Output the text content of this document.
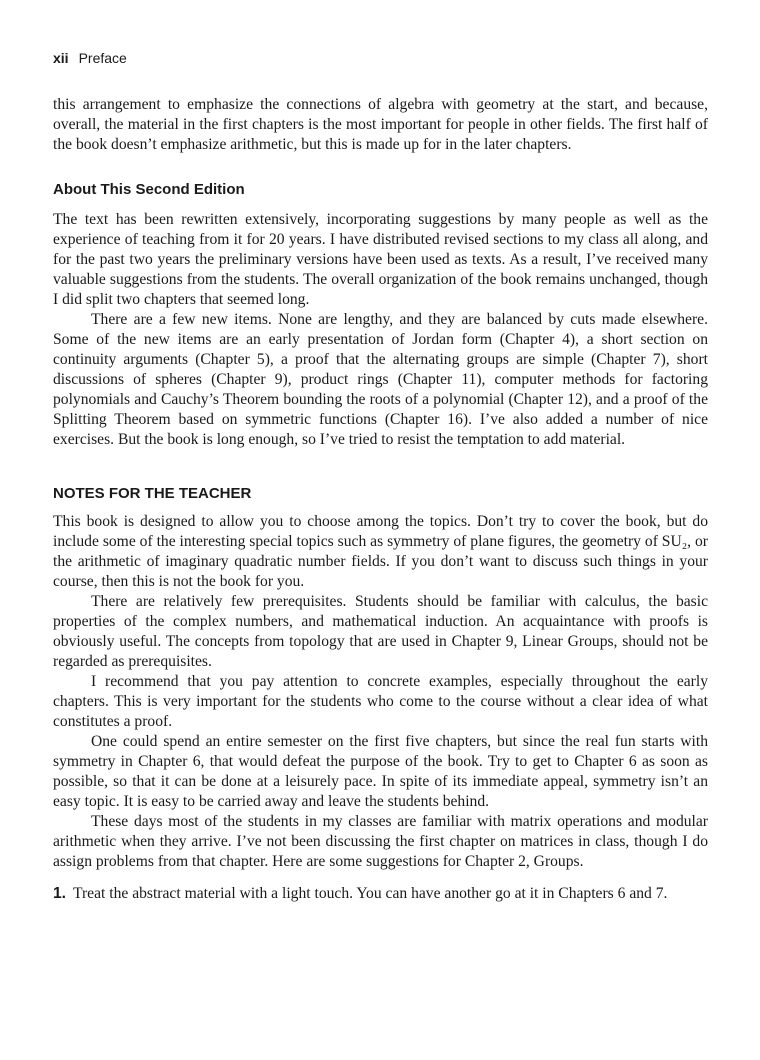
xii Preface

this arrangement to emphasize the connections of algebra with geometry at the start, and because, overall, the material in the first chapters is the most important for people in other fields. The first half of the book doesn’t emphasize arithmetic, but this is made up for in the later chapters.

About This Second Edition

The text has been rewritten extensively, incorporating suggestions by many people as well as the experience of teaching from it for 20 years. I have distributed revised sections to my class all along, and for the past two years the preliminary versions have been used as texts. As a result, I’ve received many valuable suggestions from the students. The overall organization of the book remains unchanged, though I did split two chapters that seemed long.

There are a few new items. None are lengthy, and they are balanced by cuts made elsewhere. Some of the new items are an early presentation of Jordan form (Chapter 4), a short section on continuity arguments (Chapter 5), a proof that the alternating groups are simple (Chapter 7), short discussions of spheres (Chapter 9), product rings (Chapter 11), computer methods for factoring polynomials and Cauchy’s Theorem bounding the roots of a polynomial (Chapter 12), and a proof of the Splitting Theorem based on symmetric functions (Chapter 16). I’ve also added a number of nice exercises. But the book is long enough, so I’ve tried to resist the temptation to add material.

NOTES FOR THE TEACHER

This book is designed to allow you to choose among the topics. Don’t try to cover the book, but do include some of the interesting special topics such as symmetry of plane figures, the geometry of SU₂, or the arithmetic of imaginary quadratic number fields. If you don’t want to discuss such things in your course, then this is not the book for you.

There are relatively few prerequisites. Students should be familiar with calculus, the basic properties of the complex numbers, and mathematical induction. An acquaintance with proofs is obviously useful. The concepts from topology that are used in Chapter 9, Linear Groups, should not be regarded as prerequisites.

I recommend that you pay attention to concrete examples, especially throughout the early chapters. This is very important for the students who come to the course without a clear idea of what constitutes a proof.

One could spend an entire semester on the first five chapters, but since the real fun starts with symmetry in Chapter 6, that would defeat the purpose of the book. Try to get to Chapter 6 as soon as possible, so that it can be done at a leisurely pace. In spite of its immediate appeal, symmetry isn’t an easy topic. It is easy to be carried away and leave the students behind.

These days most of the students in my classes are familiar with matrix operations and modular arithmetic when they arrive. I’ve not been discussing the first chapter on matrices in class, though I do assign problems from that chapter. Here are some suggestions for Chapter 2, Groups.

1. Treat the abstract material with a light touch. You can have another go at it in Chapters 6 and 7.
